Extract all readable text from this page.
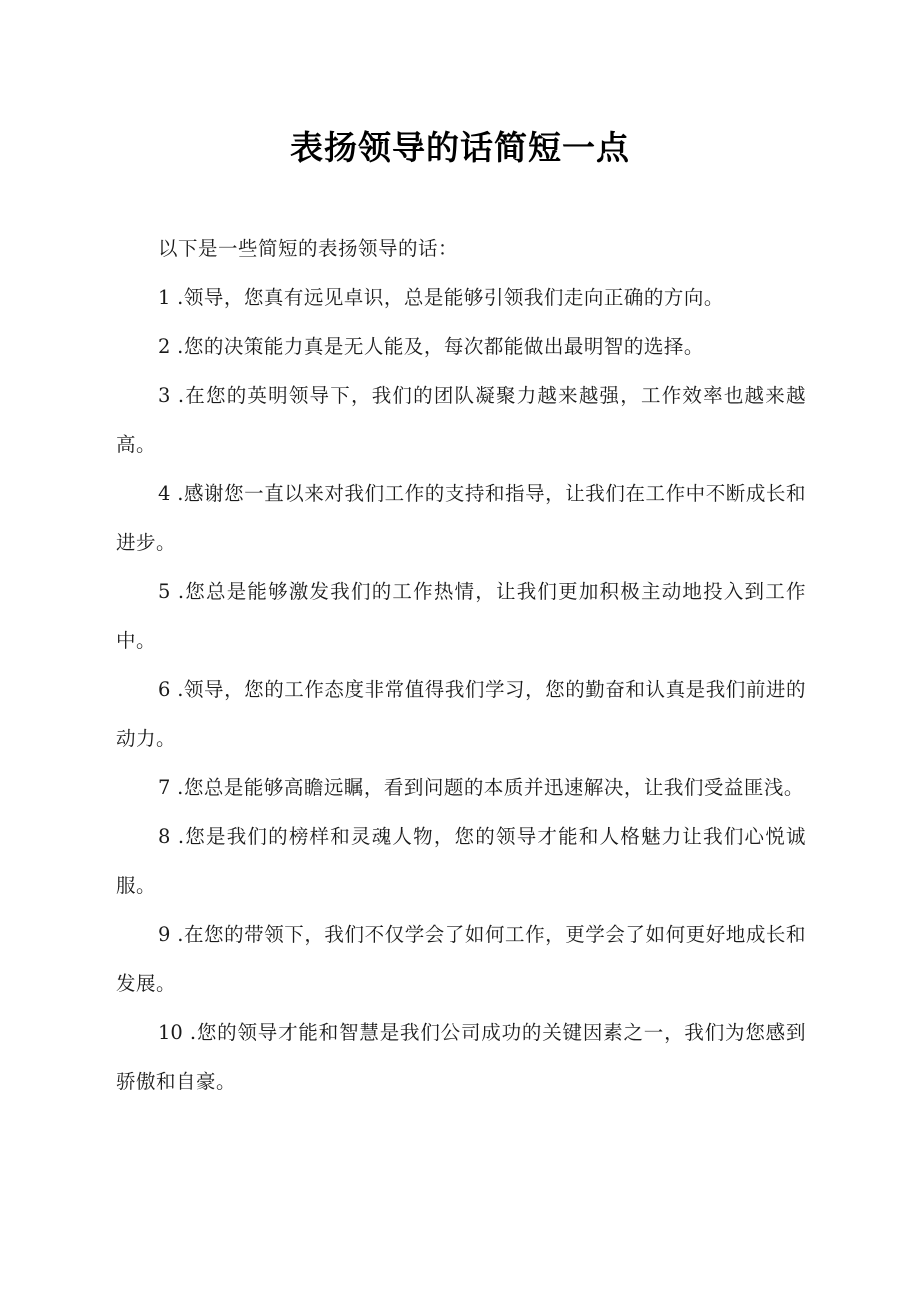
表扬领导的话简短一点

以下是一些简短的表扬领导的话：

1 .领导，您真有远见卓识，总是能够引领我们走向正确的方向。

2 .您的决策能力真是无人能及，每次都能做出最明智的选择。

3 .在您的英明领导下，我们的团队凝聚力越来越强，工作效率也越来越高。

4 .感谢您一直以来对我们工作的支持和指导，让我们在工作中不断成长和进步。

5 .您总是能够激发我们的工作热情，让我们更加积极主动地投入到工作中。

6 .领导，您的工作态度非常值得我们学习，您的勤奋和认真是我们前进的动力。

7 .您总是能够高瞻远瞩，看到问题的本质并迅速解决，让我们受益匪浅。

8 .您是我们的榜样和灵魂人物，您的领导才能和人格魅力让我们心悦诚服。

9 .在您的带领下，我们不仅学会了如何工作，更学会了如何更好地成长和发展。

10 .您的领导才能和智慧是我们公司成功的关键因素之一，我们为您感到骄傲和自豪。
